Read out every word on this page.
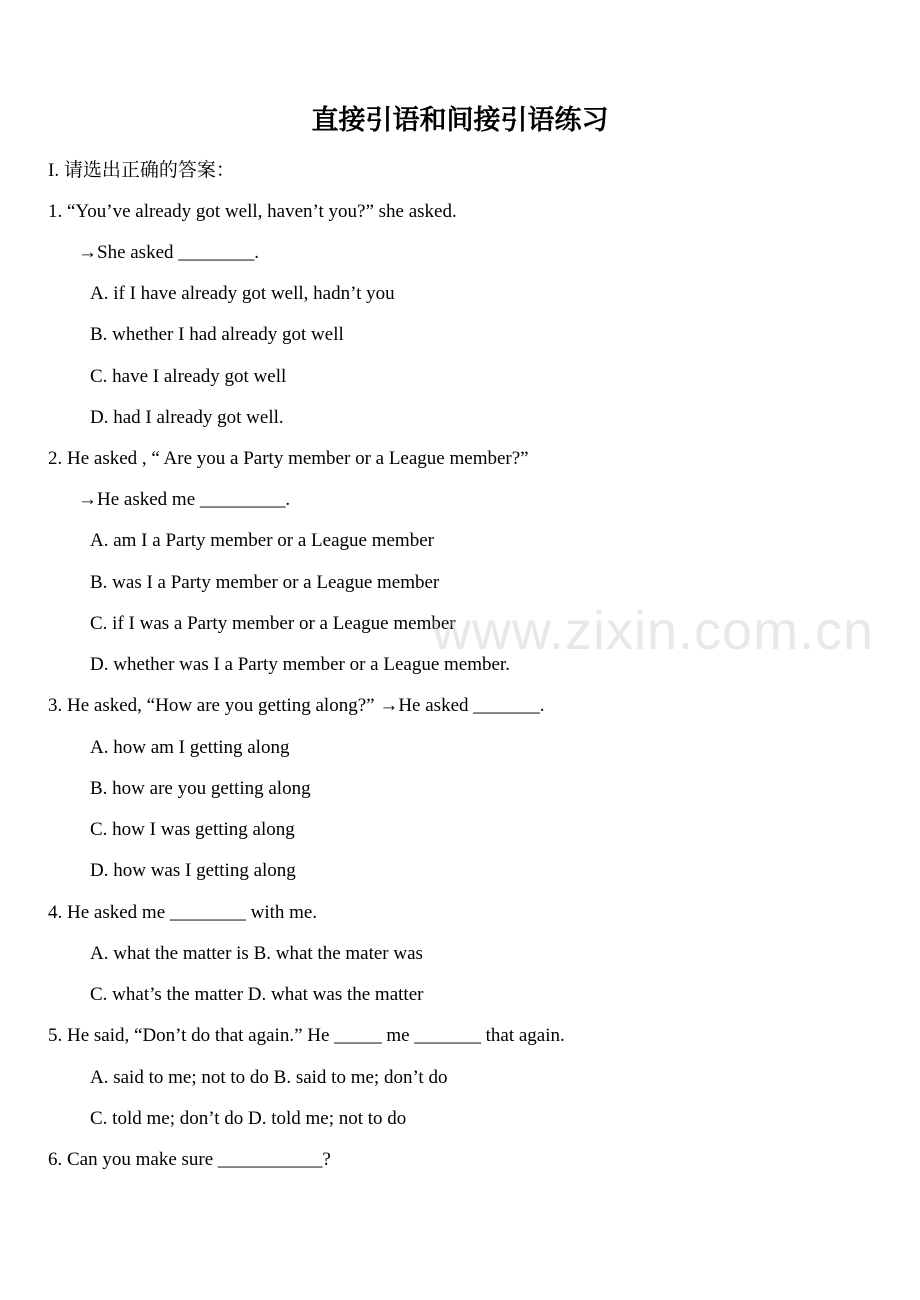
直接引语和间接引语练习
I. 请选出正确的答案：
1. “You’ve already got well, haven’t you?” she asked.
→She asked ________.
A. if I have already got well, hadn’t you
B. whether I had already got well
C. have I already got well
D. had I already got well.
2. He asked , “ Are you a Party member or a League member?”
→He asked me _________.
A. am I a Party member or a League member
B. was I a Party member or a League member
C. if I was a Party member or a League member
D. whether was I a Party member or a League member.
3. He asked, “How are you getting along?” →He asked _______.
A. how am I getting along
B. how are you getting along
C. how I was getting along
D. how was I getting along
4. He asked me ________ with me.
A. what the matter is B. what the mater was
C. what’s the matter D. what was the matter
5. He said, “Don’t do that again.” He _____ me _______ that again.
A. said to me; not to do B. said to me; don’t do
C. told me; don’t do D. told me; not to do
6. Can you make sure ___________?
www.zixin.com.cn
